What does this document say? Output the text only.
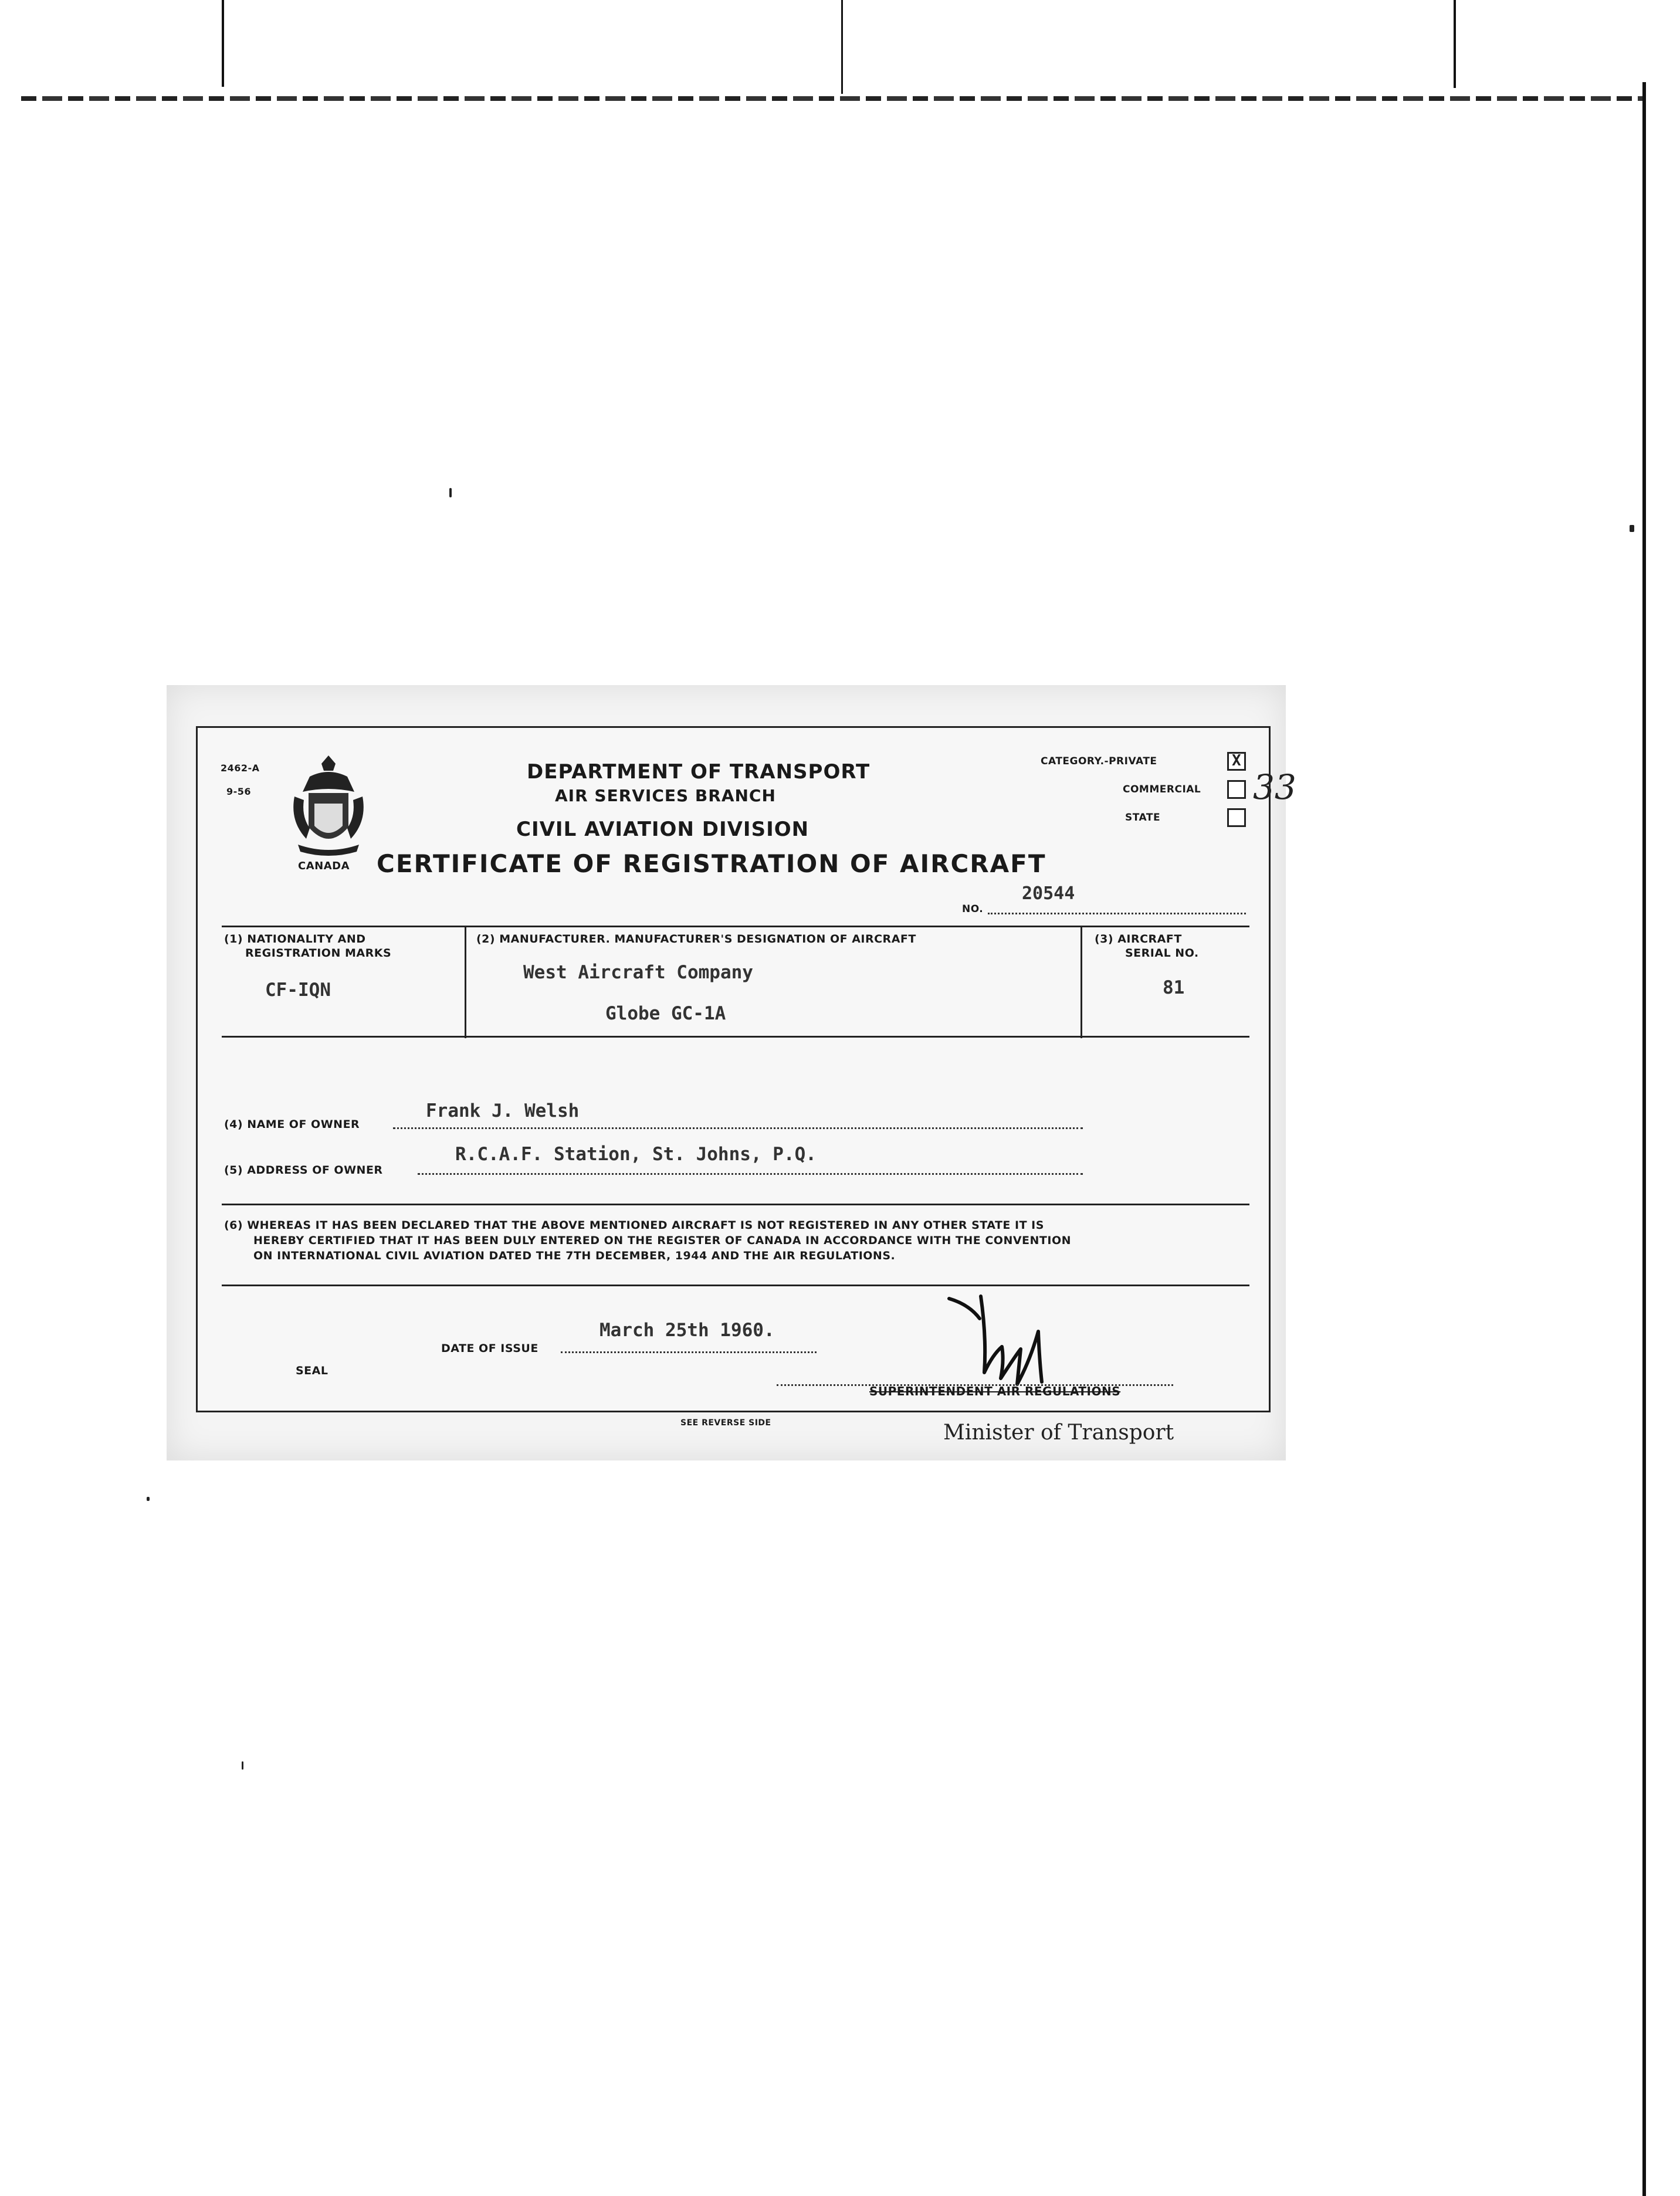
CANADA
2462-A
9-56
DEPARTMENT OF TRANSPORT
AIR SERVICES BRANCH
CIVIL AVIATION DIVISION
CERTIFICATE OF REGISTRATION OF AIRCRAFT
CATEGORY.-PRIVATE
COMMERCIAL
STATE
X
33
NO.
20544
(1) NATIONALITY AND
REGISTRATION MARKS
CF-IQN
(2) MANUFACTURER. MANUFACTURER'S DESIGNATION OF AIRCRAFT
West Aircraft Company
Globe GC-1A
(3) AIRCRAFT
SERIAL NO.
81
(4) NAME OF OWNER
Frank J. Welsh
(5) ADDRESS OF OWNER
R.C.A.F. Station, St. Johns, P.Q.
(6) WHEREAS IT HAS BEEN DECLARED THAT THE ABOVE MENTIONED AIRCRAFT IS NOT REGISTERED IN ANY OTHER STATE IT IS
HEREBY CERTIFIED THAT IT HAS BEEN DULY ENTERED ON THE REGISTER OF CANADA IN ACCORDANCE WITH THE CONVENTION
ON INTERNATIONAL CIVIL AVIATION DATED THE 7TH DECEMBER, 1944 AND THE AIR REGULATIONS.
DATE OF ISSUE
March 25th 1960.
SEAL
SUPERINTENDENT AIR REGULATIONS
SEE REVERSE SIDE	Minister of Transport
